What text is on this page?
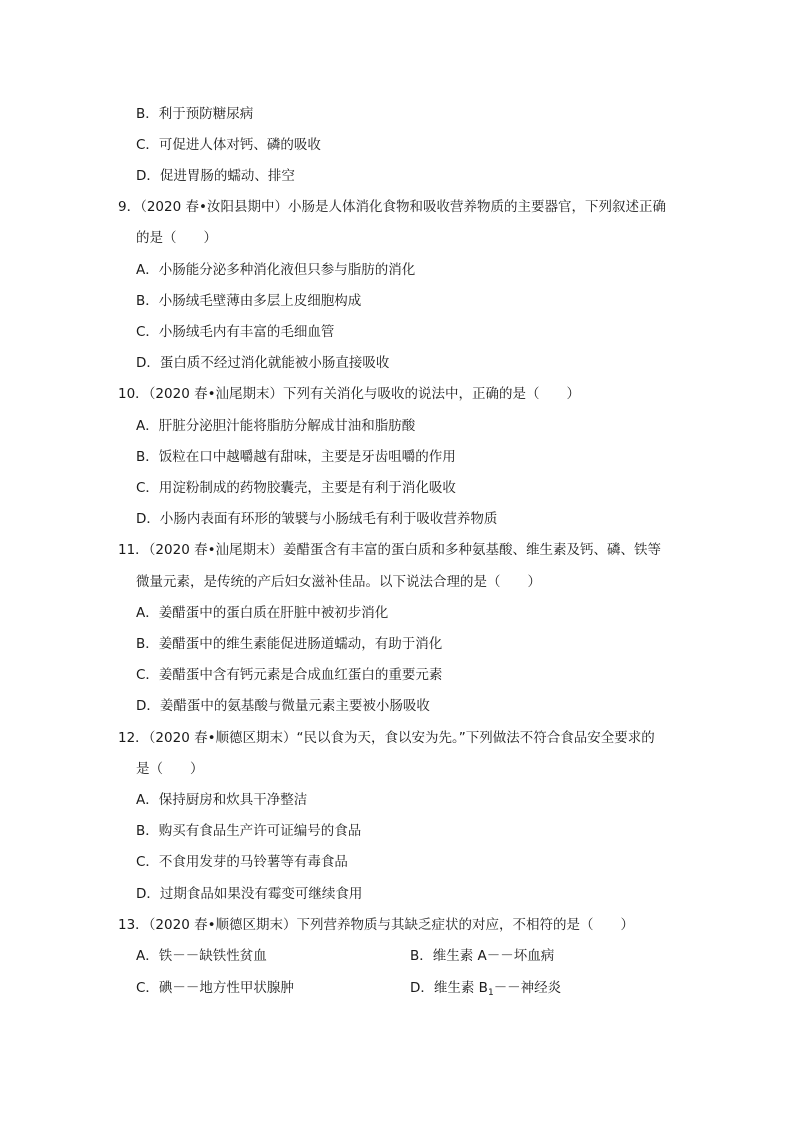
B．利于预防糖尿病
C．可促进人体对钙、磷的吸收
D．促进胃肠的蠕动、排空
9．（2020 春•汝阳县期中）小肠是人体消化食物和吸收营养物质的主要器官，下列叙述正确
的是（　　）
A．小肠能分泌多种消化液但只参与脂肪的消化
B．小肠绒毛壁薄由多层上皮细胞构成
C．小肠绒毛内有丰富的毛细血管
D．蛋白质不经过消化就能被小肠直接吸收
10．（2020 春•汕尾期末）下列有关消化与吸收的说法中，正确的是（　　）
A．肝脏分泌胆汁能将脂肪分解成甘油和脂肪酸
B．饭粒在口中越嚼越有甜味，主要是牙齿咀嚼的作用
C．用淀粉制成的药物胶囊壳，主要是有利于消化吸收
D．小肠内表面有环形的皱襞与小肠绒毛有利于吸收营养物质
11．（2020 春•汕尾期末）姜醋蛋含有丰富的蛋白质和多种氨基酸、维生素及钙、磷、铁等
微量元素，是传统的产后妇女滋补佳品。以下说法合理的是（　　）
A．姜醋蛋中的蛋白质在肝脏中被初步消化
B．姜醋蛋中的维生素能促进肠道蠕动，有助于消化
C．姜醋蛋中含有钙元素是合成血红蛋白的重要元素
D．姜醋蛋中的氨基酸与微量元素主要被小肠吸收
12．（2020 春•顺德区期末）“民以食为天，食以安为先。”下列做法不符合食品安全要求的
是（　　）
A．保持厨房和炊具干净整洁
B．购买有食品生产许可证编号的食品
C．不食用发芽的马铃薯等有毒食品
D．过期食品如果没有霉变可继续食用
13．（2020 春•顺德区期末）下列营养物质与其缺乏症状的对应，不相符的是（　　）
A．铁－－缺铁性贫血	B．维生素 A－－坏血病
C．碘－－地方性甲状腺肿	D．维生素 $B_1--$神经炎
